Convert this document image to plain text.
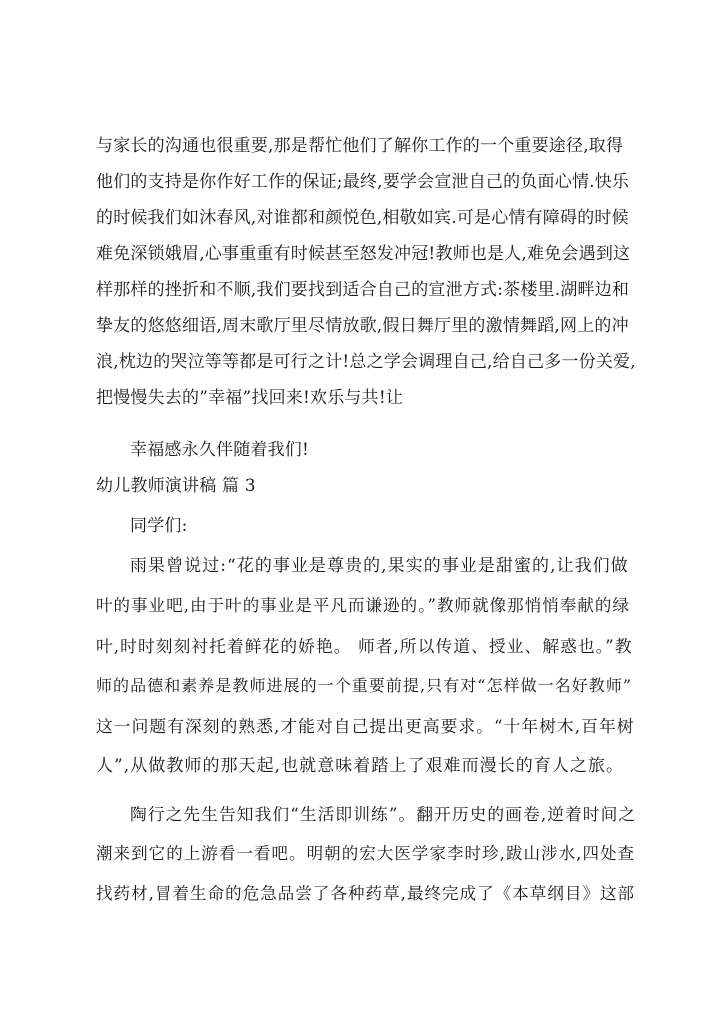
与家长的沟通也很重要,那是帮忙他们了解你工作的一个重要途径,取得
他们的支持是你作好工作的保证;最终,要学会宣泄自己的负面心情.快乐
的时候我们如沐春风,对谁都和颜悦色,相敬如宾.可是心情有障碍的时候
难免深锁娥眉,心事重重有时候甚至怒发冲冠!教师也是人,难免会遇到这
样那样的挫折和不顺,我们要找到适合自己的宣泄方式:茶楼里.湖畔边和
挚友的悠悠细语,周末歌厅里尽情放歌,假日舞厅里的激情舞蹈,网上的冲
浪,枕边的哭泣等等都是可行之计!总之学会调理自己,给自己多一份关爱,
把慢慢失去的”幸福”找回来!欢乐与共!让
幸福感永久伴随着我们!
幼儿教师演讲稿 篇 3
同学们:
雨果曾说过:“花的事业是尊贵的,果实的事业是甜蜜的,让我们做
叶的事业吧,由于叶的事业是平凡而谦逊的。”教师就像那悄悄奉献的绿
叶,时时刻刻衬托着鲜花的娇艳。 师者,所以传道、授业、解惑也。”教
师的品德和素养是教师进展的一个重要前提,只有对“怎样做一名好教师”
这一问题有深刻的熟悉,才能对自己提出更高要求。“十年树木,百年树
人”,从做教师的那天起,也就意味着踏上了艰难而漫长的育人之旅。
陶行之先生告知我们“生活即训练”。翻开历史的画卷,逆着时间之
潮来到它的上游看一看吧。明朝的宏大医学家李时珍,跋山涉水,四处查
找药材,冒着生命的危急品尝了各种药草,最终完成了《本草纲目》这部
